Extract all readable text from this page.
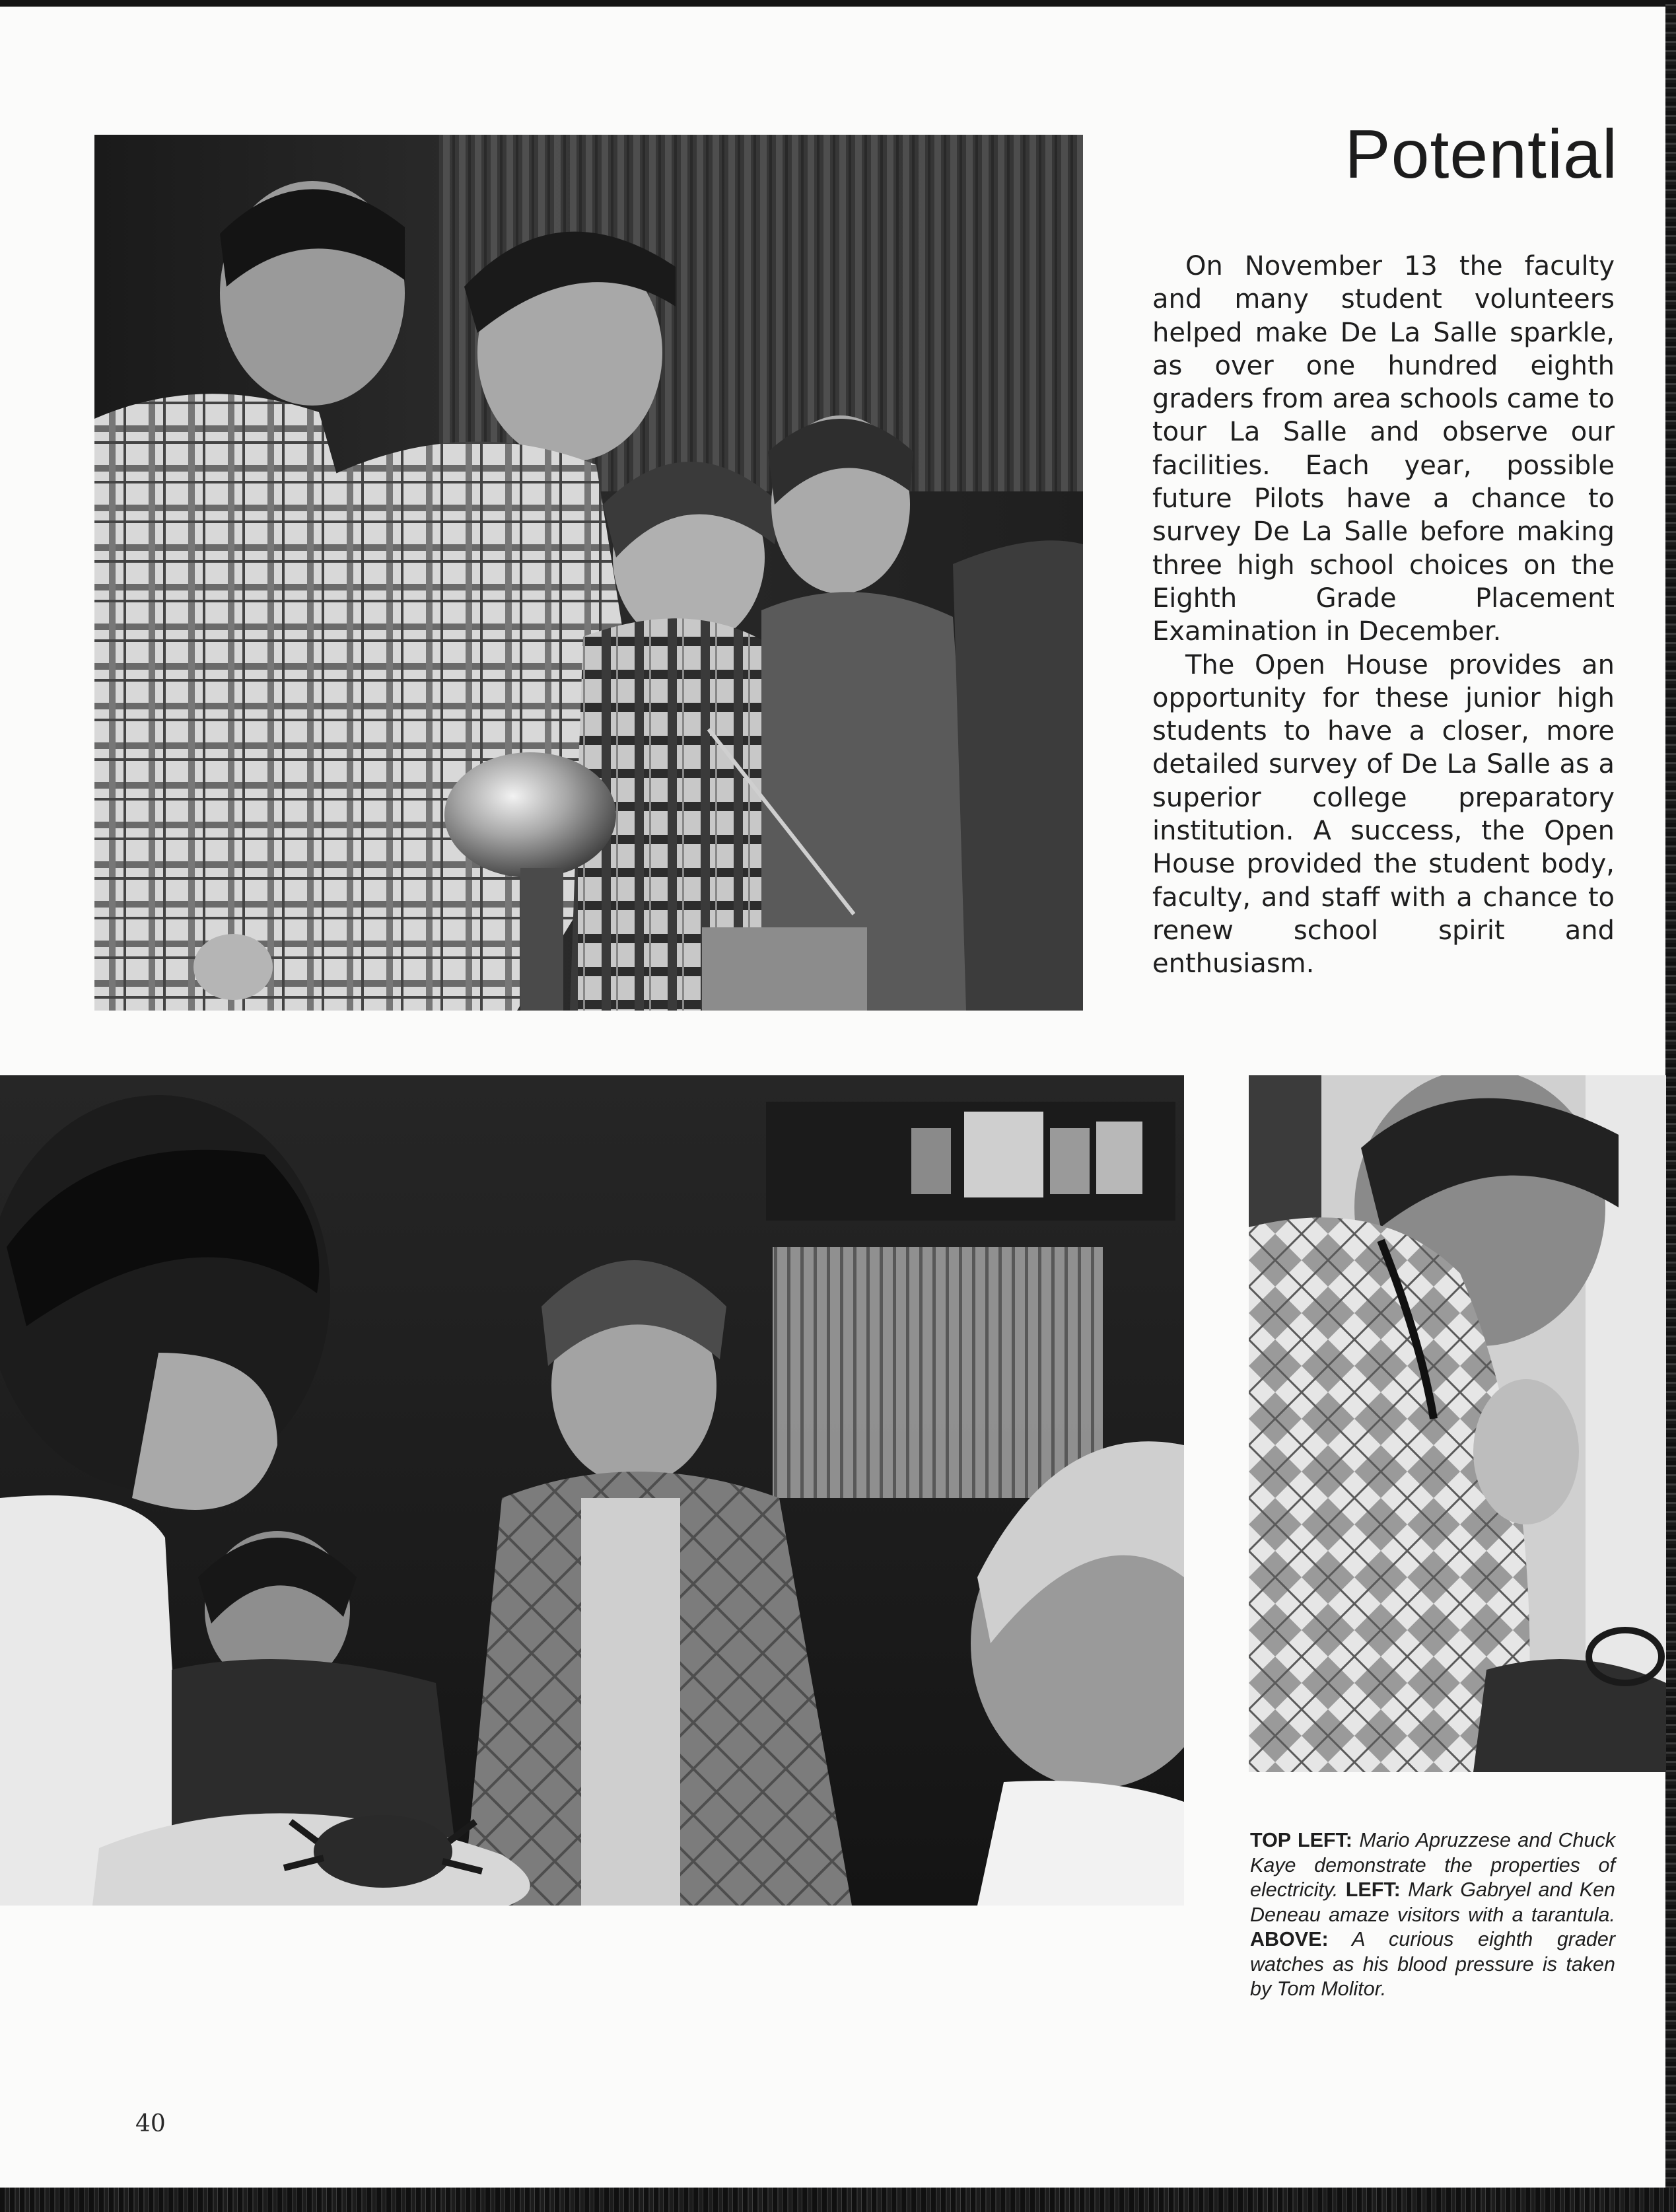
Potential

On November 13 the faculty and many student volunteers helped make De La Salle sparkle, as over one hundred eighth graders from area schools came to tour La Salle and observe our facilities. Each year, possible future Pilots have a chance to survey De La Salle before making three high school choices on the Eighth Grade Placement Examination in December.

The Open House provides an opportunity for these junior high students to have a closer, more detailed survey of De La Salle as a superior college preparatory institution. A success, the Open House provided the student body, faculty, and staff with a chance to renew school spirit and enthusiasm.

TOP LEFT: Mario Apruzzese and Chuck Kaye demonstrate the properties of electricity. LEFT: Mark Gabryel and Ken Deneau amaze visitors with a tarantula. ABOVE: A curious eighth grader watches as his blood pressure is taken by Tom Molitor.
40
